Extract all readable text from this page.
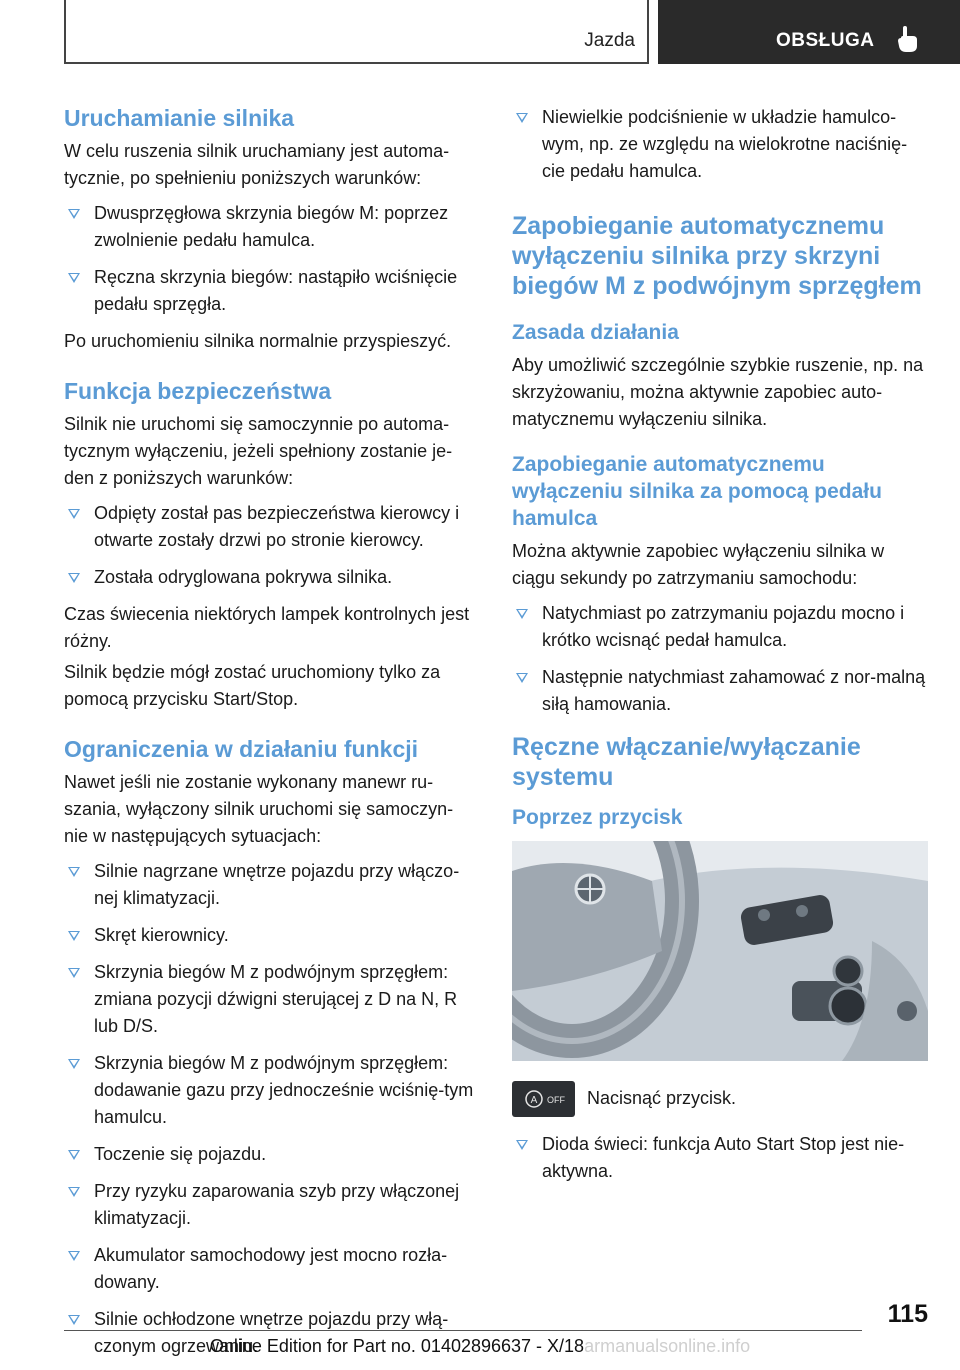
Jazda	OBSŁUGA
Uruchamianie silnika

W celu ruszenia silnik uruchamiany jest automa-tycznie, po spełnieniu poniższych warunków:

Dwusprzęgłowa skrzynia biegów M: poprzez zwolnienie pedału hamulca.
Ręczna skrzynia biegów: nastąpiło wciśnięcie pedału sprzęgła.

Po uruchomieniu silnika normalnie przyspieszyć.

Funkcja bezpieczeństwa

Silnik nie uruchomi się samoczynnie po automa-tycznym wyłączeniu, jeżeli spełniony zostanie je-den z poniższych warunków:

Odpięty został pas bezpieczeństwa kierowcy i otwarte zostały drzwi po stronie kierowcy.
Została odryglowana pokrywa silnika.

Czas świecenia niektórych lampek kontrolnych jest różny.

Silnik będzie mógł zostać uruchomiony tylko za pomocą przycisku Start/Stop.

Ograniczenia w działaniu funkcji

Nawet jeśli nie zostanie wykonany manewr ru-szania, wyłączony silnik uruchomi się samoczyn-nie w następujących sytuacjach:

Silnie nagrzane wnętrze pojazdu przy włączo-nej klimatyzacji.
Skręt kierownicy.
Skrzynia biegów M z podwójnym sprzęgłem: zmiana pozycji dźwigni sterującej z D na N, R lub D/S.
Skrzynia biegów M z podwójnym sprzęgłem: dodawanie gazu przy jednocześnie wciśnię-tym hamulcu.
Toczenie się pojazdu.
Przy ryzyku zaparowania szyb przy włączonej klimatyzacji.
Akumulator samochodowy jest mocno rozła-dowany.
Silnie ochłodzone wnętrze pojazdu przy włą-czonym ogrzewaniu.
Niewielkie podciśnienie w układzie hamulco-wym, np. ze względu na wielokrotne naciśnię-cie pedału hamulca.
Zapobieganie automatycznemu wyłączeniu silnika przy skrzyni biegów M z podwójnym sprzęgłem
Zasada działania

Aby umożliwić szczególnie szybkie ruszenie, np. na skrzyżowaniu, można aktywnie zapobiec auto-matycznemu wyłączeniu silnika.

Zapobieganie automatycznemu wyłączeniu silnika za pomocą pedału hamulca

Można aktywnie zapobiec wyłączeniu silnika w ciągu sekundy po zatrzymaniu samochodu:

Natychmiast po zatrzymaniu pojazdu mocno i krótko wcisnąć pedał hamulca.
Następnie natychmiast zahamować z nor-malną siłą hamowania.
Ręczne włączanie/wyłączanie systemu
Poprzez przycisk
A OFF Nacisnąć przycisk.

Dioda świeci: funkcja Auto Start Stop jest nie-aktywna.
115
Online Edition for Part no. 01402896637 - X/18armanualsonline.info
